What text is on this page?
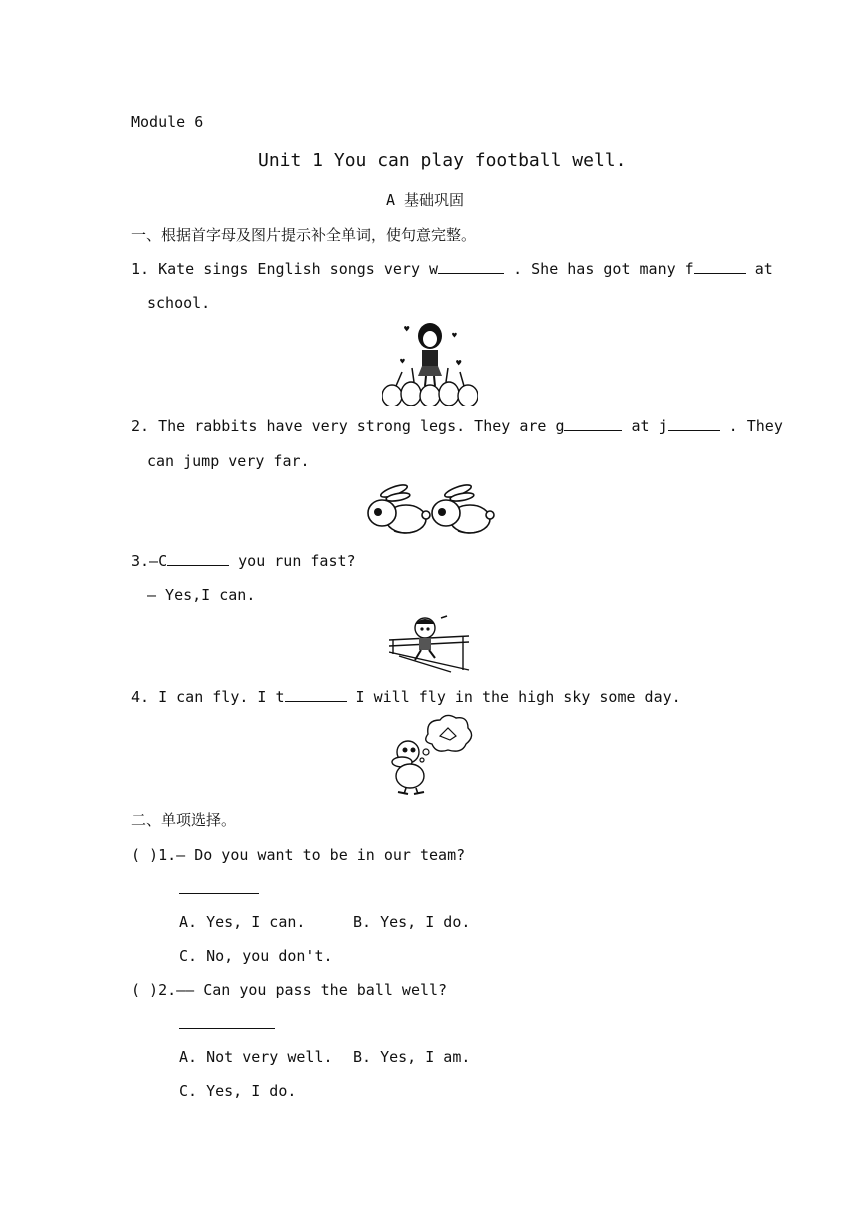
Module 6
Unit 1 You can play football well.
A 基础巩固
一、根据首字母及图片提示补全单词，使句意完整。
1. Kate sings English songs very w	. She has got many f	at
school.
♥
♥
♥	♥
2. The rabbits have very strong legs. They are g	at j	. They
can jump very far.
3.—C	you run fast?
— Yes,I can.
4. I can fly. I t	I will fly in the high sky some day.
二、单项选择。
( )1.— Do you want to be in our team?
A. Yes, I can.	B. Yes, I do.
C. No, you don't.
( )2.—— Can you pass the ball well?
A. Not very well. B. Yes, I am.
C. Yes, I do.
